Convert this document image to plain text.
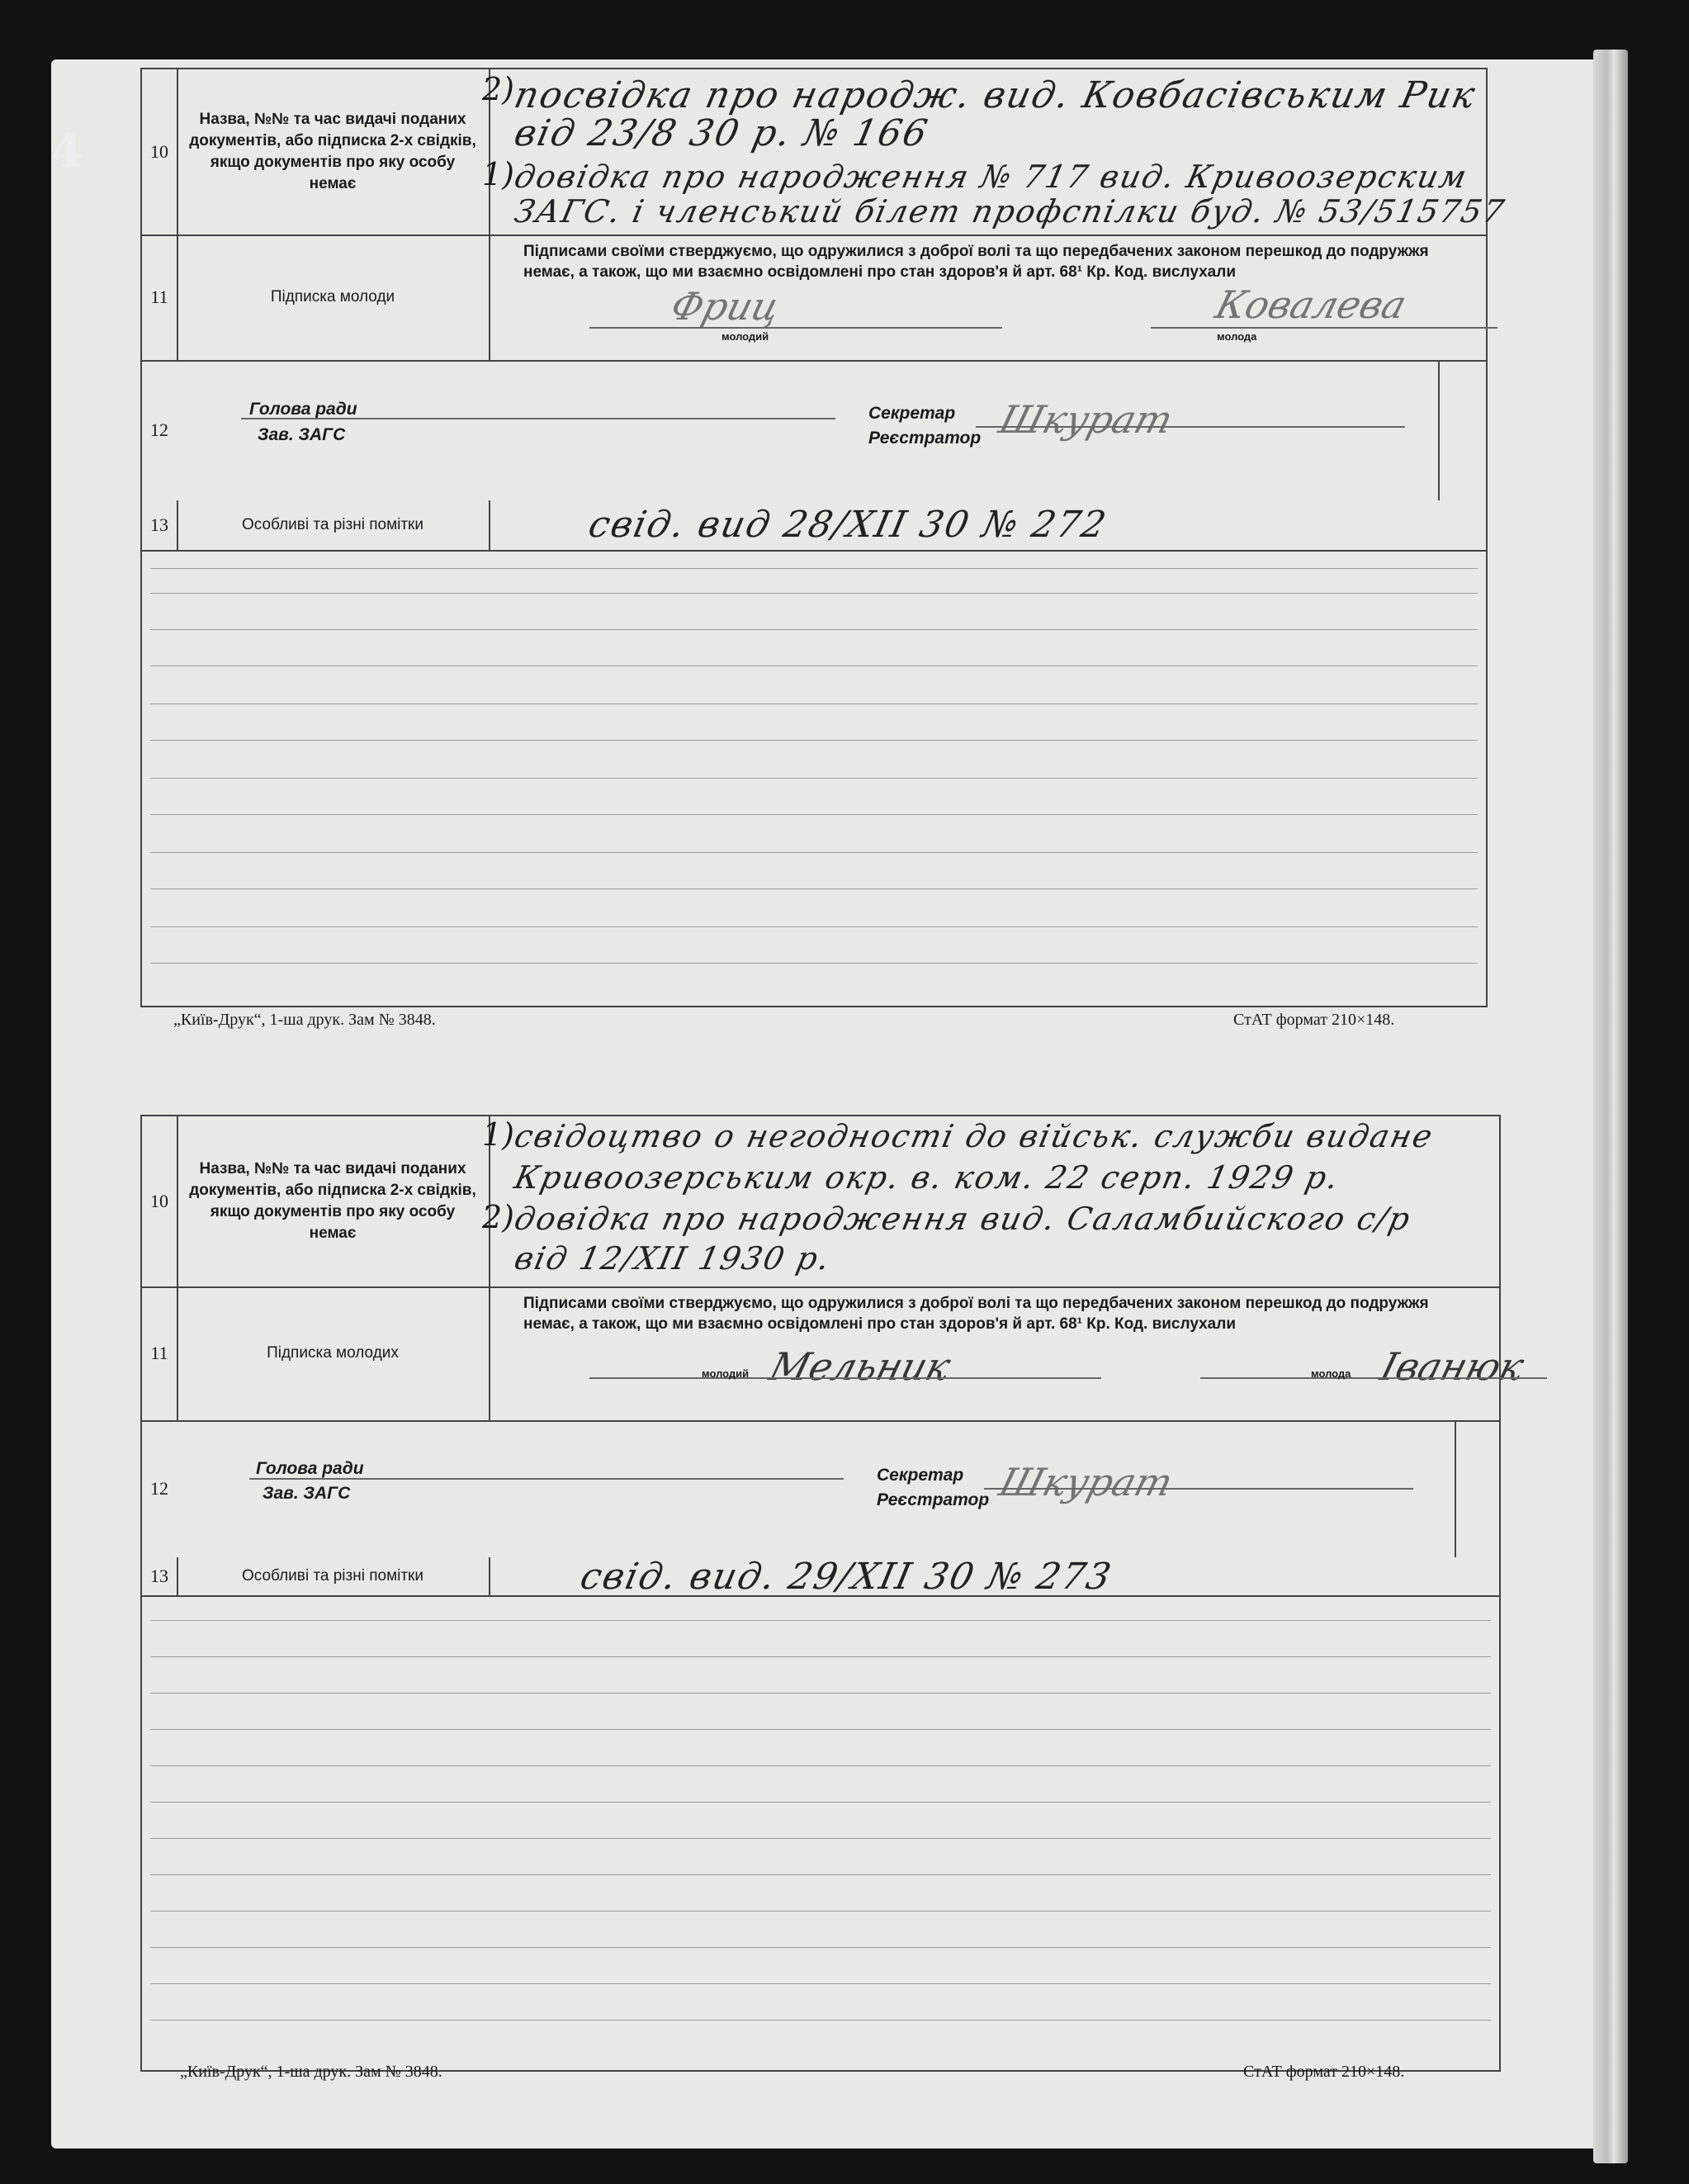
4	10
Назва, №№ та час видачі поданих документів, або підписка 2-х свідків, якщо документів про яку особу немає
2)
посвідка про народж. вид. Ковбасівським Рик
від 23/8 30 р. № 166
1)
довідка про народження № 717 вид. Кривоозерским
ЗАГС. і членський білет профспілки буд. № 53/515757
11	Підписка молоди
Підписами своїми стверджуємо, що одружилися з доброї волі та що передбачених законом перешкод до подружжя немає, а також, що ми взаємно освідомлені про стан здоров'я й арт. 68¹ Кр. Код. вислухали
Фриц	Ковалева
молодий	молода
12
Голова ради
Зав. ЗАГС
Секретар
Реєстратор Шкурат
13	Особливі та різні помітки	свід. вид 28/XII 30 № 272
„Київ-Друк“, 1-ша друк. Зам № 3848.	СтАТ формат 210×148.
10
Назва, №№ та час видачі поданих документів, або підписка 2-х свідків, якщо документів про яку особу немає
1)
свідоцтво о негодності до військ. служби видане
Кривоозерським окр. в. ком. 22 серп. 1929 р.
2)
довідка про народження вид. Саламбийского с/р
від 12/XII 1930 р.
11	Підписка молодих
Підписами своїми стверджуємо, що одружилися з доброї волі та що передбачених законом перешкод до подружжя немає, а також, що ми взаємно освідомлені про стан здоров'я й арт. 68¹ Кр. Код. вислухали
Мельник	Іванюк
молодий	молода
12
Голова ради
Зав. ЗАГС
Секретар
Реєстратор Шкурат
13	Особливі та різні помітки	свід. вид. 29/XII 30 № 273
„Київ-Друк“, 1-ша друк. Зам № 3848.	СтАТ формат 210×148.
